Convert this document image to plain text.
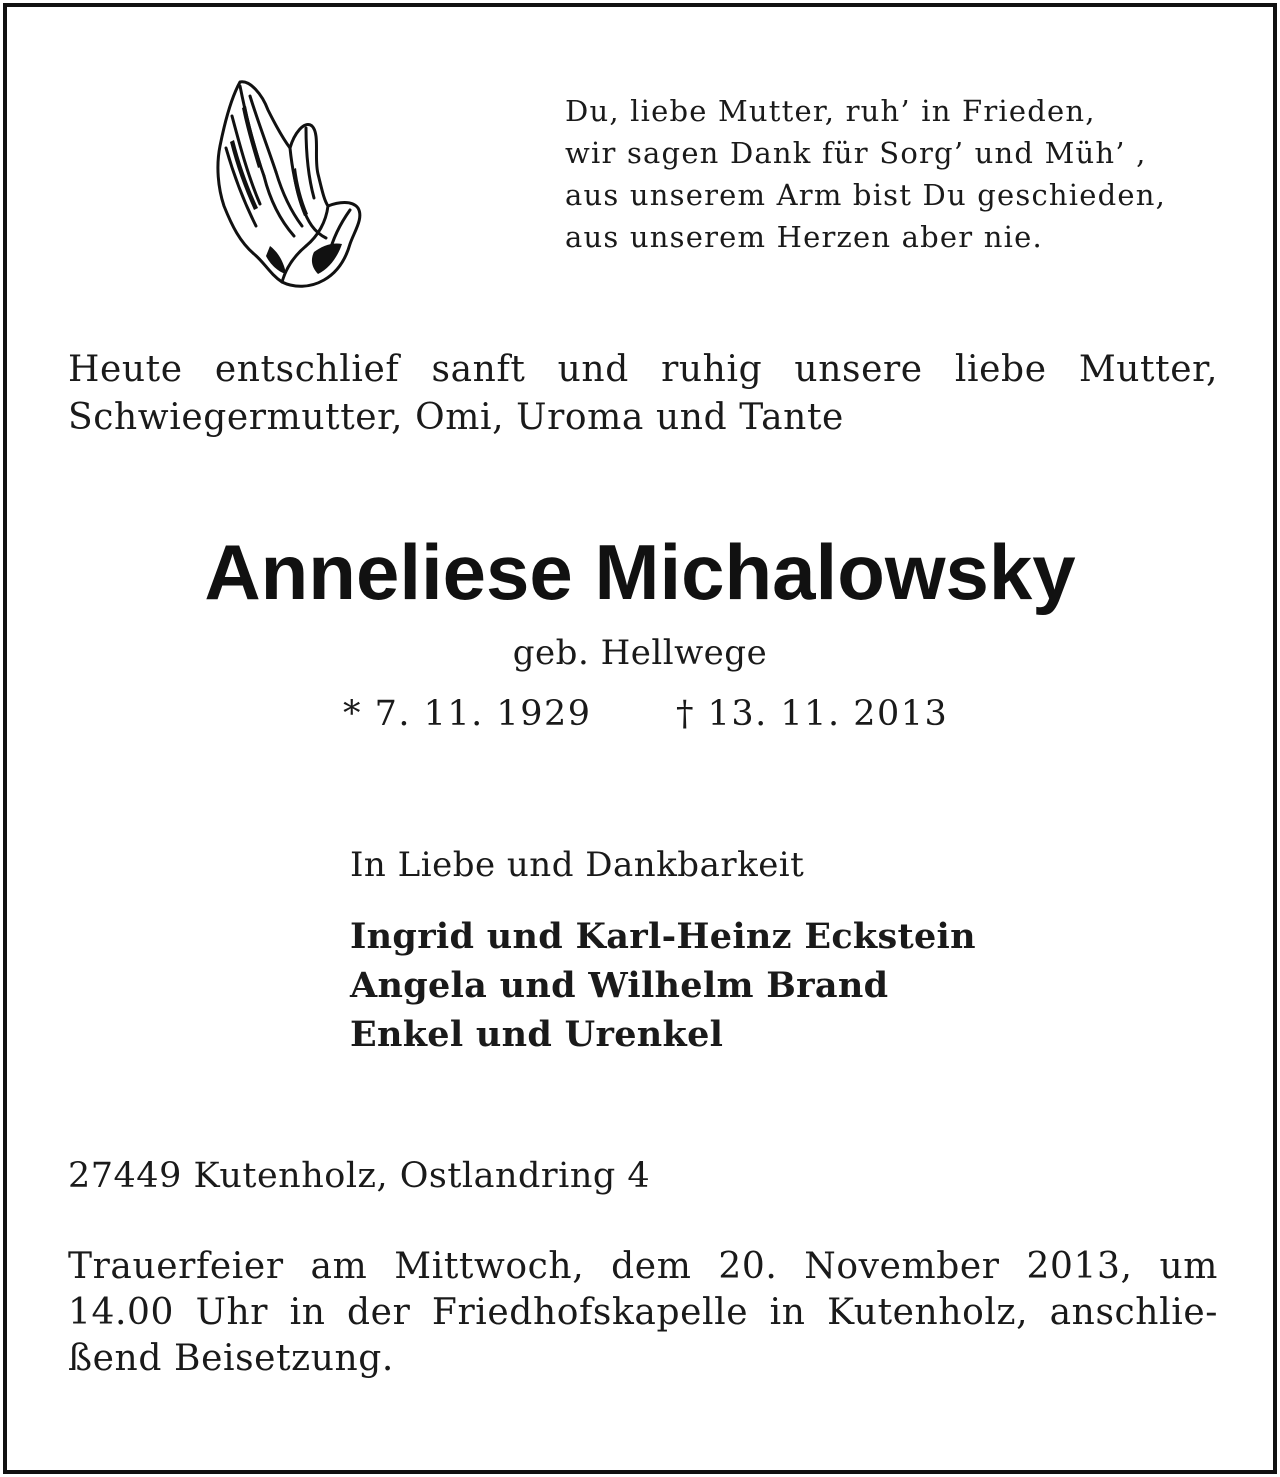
Du, liebe Mutter, ruh’ in Frieden,
wir sagen Dank für Sorg’ und Müh’ ,
aus unserem Arm bist Du geschieden,
aus unserem Herzen aber nie.
Heute entschlief sanft und ruhig unsere liebe Mutter,
Schwiegermutter, Omi, Uroma und Tante
Anneliese Michalowsky
geb. Hellwege
* 7. 11. 1929 † 13. 11. 2013
In Liebe und Dankbarkeit
Ingrid und Karl-Heinz Eckstein
Angela und Wilhelm Brand
Enkel und Urenkel
27449 Kutenholz, Ostlandring 4
Trauerfeier am Mittwoch, dem 20. November 2013, um
14.00 Uhr in der Friedhofskapelle in Kutenholz, anschlie-
ßend Beisetzung.
